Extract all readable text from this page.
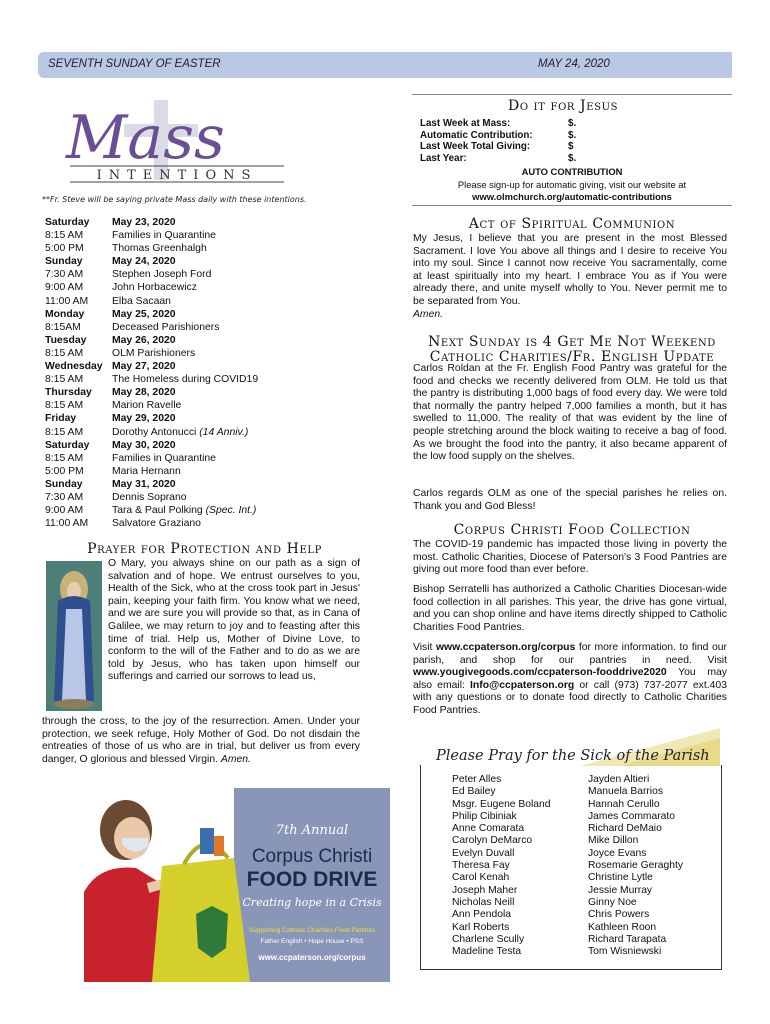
SEVENTH SUNDAY OF EASTER	MAY 24, 2020
Mass
INTENTIONS
**Fr. Steve will be saying private Mass daily with these intentions.
Saturday	May 23, 2020
8:15 AM	Families in Quarantine
5:00 PM	Thomas Greenhalgh
Sunday	May 24, 2020
7:30 AM	Stephen Joseph Ford
9:00 AM	John Horbacewicz
11:00 AM	Elba Sacaan
Monday	May 25, 2020
8:15AM	Deceased Parishioners
Tuesday	May 26, 2020
8:15 AM	OLM Parishioners
Wednesday May 27, 2020
8:15 AM	The Homeless during COVID19
Thursday	May 28, 2020
8:15 AM	Marion Ravelle
Friday	May 29, 2020
8:15 AM	Dorothy Antonucci (14 Anniv.)
Saturday	May 30, 2020
8:15 AM	Families in Quarantine
5:00 PM	Maria Hernann
Sunday	May 31, 2020
7:30 AM	Dennis Soprano
9:00 AM	Tara & Paul Polking (Spec. Int.)
11:00 AM	Salvatore Graziano
Do it for Jesus
Last Week at Mass:	$.
Automatic Contribution:	$.
Last Week Total Giving:	$
Last Year:	$.
AUTO CONTRIBUTION
Please sign-up for automatic giving, visit our website at
www.olmchurch.org/automatic-contributions
Act of Spiritual Communion
My Jesus, I believe that you are present in the most Blessed Sacrament. I love You above all things and I desire to receive You into my soul. Since I cannot now receive You sacramentally, come at least spiritually into my heart. I embrace You as if You were already there, and unite myself wholly to You. Never permit me to be separated from You.
Amen.
Next Sunday is 4 Get Me Not Weekend
Catholic Charities/Fr. English Update
Carlos Roldan at the Fr. English Food Pantry was grateful for the food and checks we recently delivered from OLM. He told us that the pantry is distributing 1,000 bags of food every day. We were told that normally the pantry helped 7,000 families a month, but it has swelled to 11,000. The reality of that was evident by the line of people stretching around the block waiting to receive a bag of food. As we brought the food into the pantry, it also became apparent of the low food supply on the shelves.
Carlos regards OLM as one of the special parishes he relies on. Thank you and God Bless!
Corpus Christi Food Collection
The COVID-19 pandemic has impacted those living in poverty the most. Catholic Charities, Diocese of Paterson's 3 Food Pantries are giving out more food than ever before.
Bishop Serratelli has authorized a Catholic Charities Diocesan-wide food collection in all parishes. This year, the drive has gone virtual, and you can shop online and have items directly shipped to Catholic Charities Food Pantries.
Visit www.ccpaterson.org/corpus for more information. to find our parish, and shop for our pantries in need. Visit www.yougivegoods.com/ccpaterson-fooddrive2020 You may also email: Info@ccpaterson.org or call (973) 737-2077 ext.403 with any questions or to donate food directly to Catholic Charities Food Pantries.
Prayer for Protection and Help
O Mary, you always shine on our path as a sign of salvation and of hope. We entrust ourselves to you, Health of the Sick, who at the cross took part in Jesus' pain, keeping your faith firm. You know what we need, and we are sure you will provide so that, as in Cana of Galilee, we may return to joy and to feasting after this time of trial. Help us, Mother of Divine Love, to conform to the will of the Father and to do as we are told by Jesus, who has taken upon himself our sufferings and carried our sorrows to lead us,
through the cross, to the joy of the resurrection. Amen. Under your protection, we seek refuge, Holy Mother of God. Do not disdain the entreaties of those of us who are in trial, but deliver us from every danger, O glorious and blessed Virgin. Amen.
7th Annual
Corpus Christi
FOOD DRIVE
Creating hope in a Crisis
Supporting Catholic Charities Food Pantries
Father English • Hope House • PSS
www.ccpaterson.org/corpus
Please Pray for the Sick of the Parish
Peter Alles
Ed Bailey
Msgr. Eugene Boland
Philip Cibiniak
Anne Comarata
Carolyn DeMarco
Evelyn Duvall
Theresa Fay
Carol Kenah
Joseph Maher
Nicholas Neill
Ann Pendola
Karl Roberts
Charlene Scully
Madeline Testa
Jayden Altieri
Manuela Barrios
Hannah Cerullo
James Commarato
Richard DeMaio
Mike Dillon
Joyce Evans
Rosemarie Geraghty
Christine Lytle
Jessie Murray
Ginny Noe
Chris Powers
Kathleen Roon
Richard Tarapata
Tom Wisniewski
